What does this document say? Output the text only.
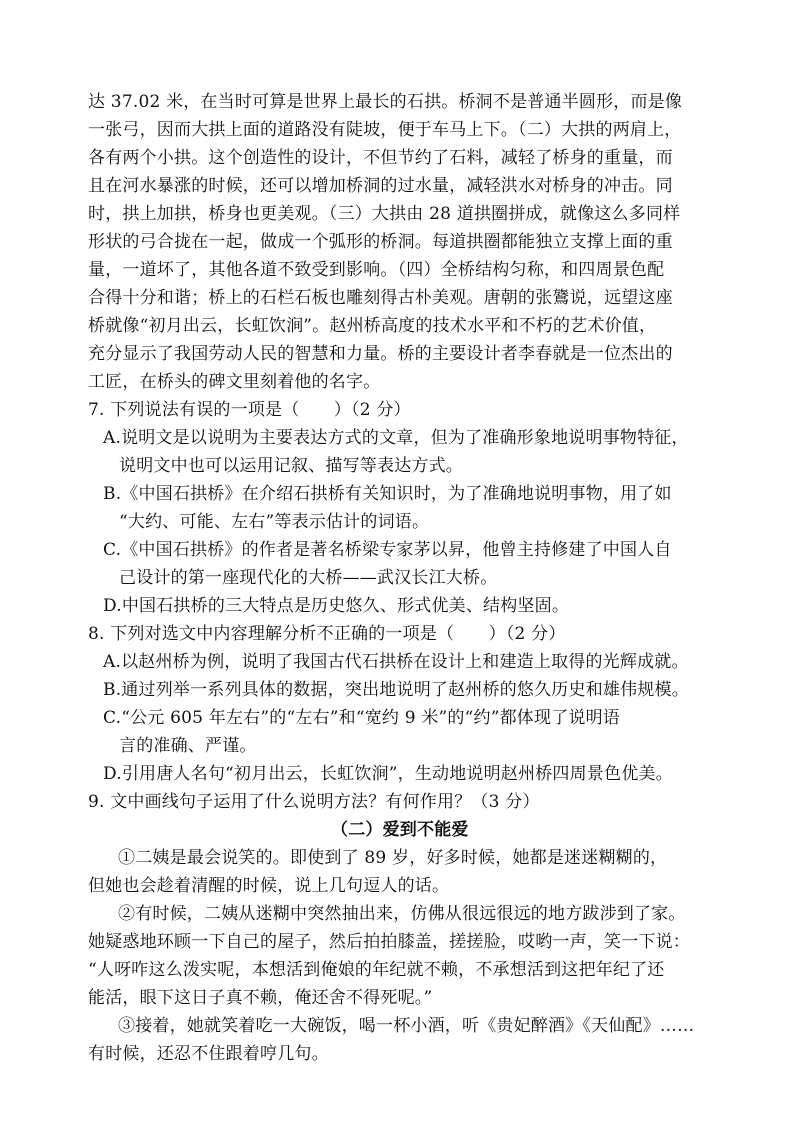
达 37.02 米，在当时可算是世界上最长的石拱。桥洞不是普通半圆形，而是像
一张弓，因而大拱上面的道路没有陡坡，便于车马上下。（二）大拱的两肩上，
各有两个小拱。这个创造性的设计，不但节约了石料，减轻了桥身的重量，而
且在河水暴涨的时候，还可以增加桥洞的过水量，减轻洪水对桥身的冲击。同
时，拱上加拱，桥身也更美观。（三）大拱由 28 道拱圈拼成，就像这么多同样
形状的弓合拢在一起，做成一个弧形的桥洞。每道拱圈都能独立支撑上面的重
量，一道坏了，其他各道不致受到影响。（四）全桥结构匀称，和四周景色配
合得十分和谐；桥上的石栏石板也雕刻得古朴美观。唐朝的张鷟说，远望这座
桥就像“初月出云，长虹饮涧”。赵州桥高度的技术水平和不朽的艺术价值，
充分显示了我国劳动人民的智慧和力量。桥的主要设计者李春就是一位杰出的
工匠，在桥头的碑文里刻着他的名字。
7. 下列说法有误的一项是（　　）（2 分）
A.说明文是以说明为主要表达方式的文章，但为了准确形象地说明事物特征，
说明文中也可以运用记叙、描写等表达方式。
B.《中国石拱桥》在介绍石拱桥有关知识时，为了准确地说明事物，用了如
“大约、可能、左右”等表示估计的词语。
C.《中国石拱桥》的作者是著名桥梁专家茅以昇，他曾主持修建了中国人自
己设计的第一座现代化的大桥——武汉长江大桥。
D.中国石拱桥的三大特点是历史悠久、形式优美、结构坚固。
8. 下列对选文中内容理解分析不正确的一项是（　　）（2 分）
A.以赵州桥为例，说明了我国古代石拱桥在设计上和建造上取得的光辉成就。
B.通过列举一系列具体的数据，突出地说明了赵州桥的悠久历史和雄伟规模。
C.“公元 605 年左右”的“左右”和“宽约 9 米”的“约”都体现了说明语
言的准确、严谨。
D.引用唐人名句“初月出云，长虹饮涧”，生动地说明赵州桥四周景色优美。
9. 文中画线句子运用了什么说明方法？有何作用？（3 分）
（二）爱到不能爱
①二姨是最会说笑的。即使到了 89 岁，好多时候，她都是迷迷糊糊的，
但她也会趁着清醒的时候，说上几句逗人的话。
②有时候，二姨从迷糊中突然抽出来，仿佛从很远很远的地方跋涉到了家。
她疑惑地环顾一下自己的屋子，然后拍拍膝盖，搓搓脸，哎哟一声，笑一下说：
“人呀咋这么泼实呢，本想活到俺娘的年纪就不赖，不承想活到这把年纪了还
能活，眼下这日子真不赖，俺还舍不得死呢。”
③接着，她就笑着吃一大碗饭，喝一杯小酒，听《贵妃醉酒》《天仙配》……
有时候，还忍不住跟着哼几句。
